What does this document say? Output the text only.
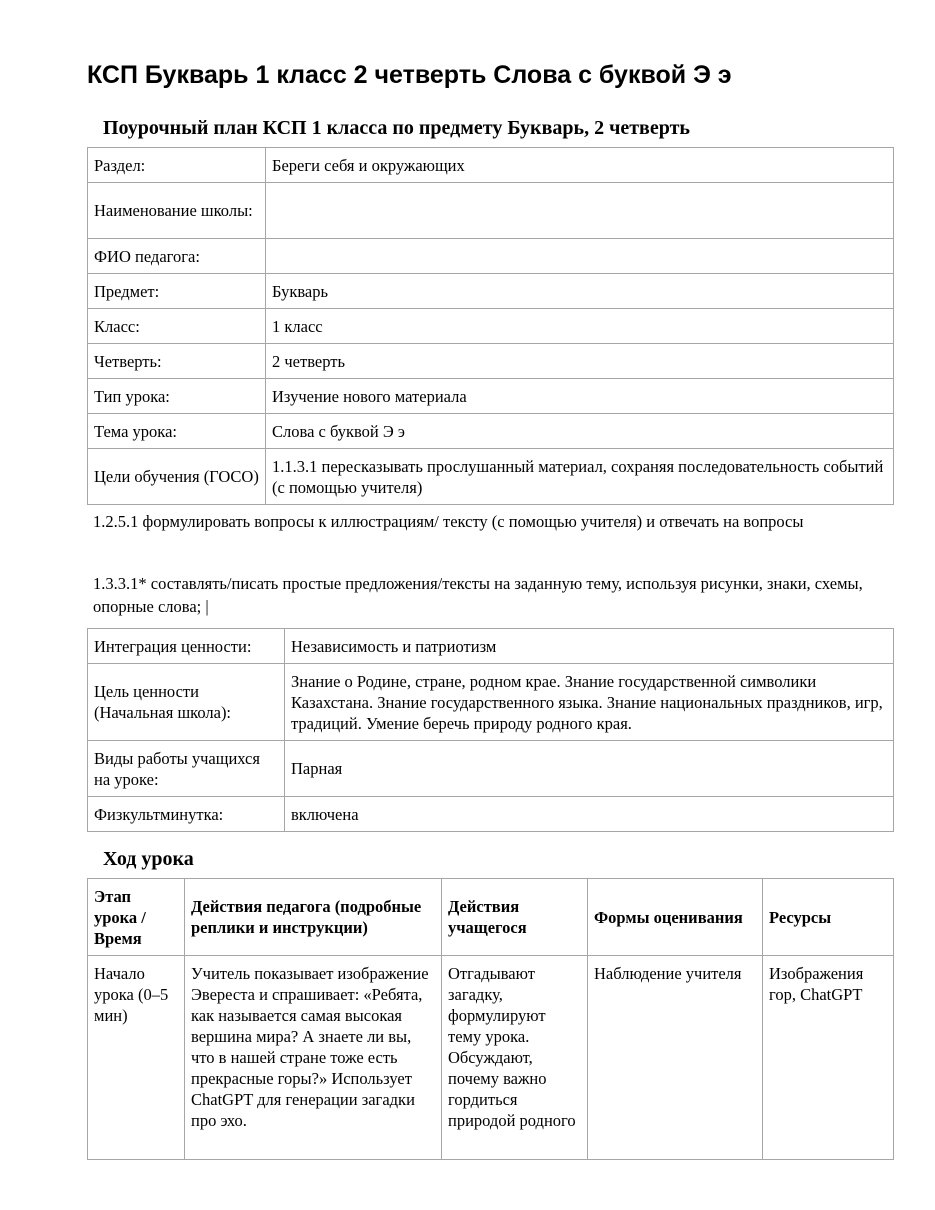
КСП Букварь 1 класс 2 четверть Слова с буквой Э э
Поурочный план КСП 1 класса по предмету Букварь, 2 четверть
Раздел:	Береги себя и окружающих
Наименование школы:	
ФИО педагога:	
Предмет:	Букварь
Класс:	1 класс
Четверть:	2 четверть
Тип урока:	Изучение нового материала
Тема урока:	Слова с буквой Э э
Цели обучения (ГОСО)	1.1.3.1 пересказывать прослушанный материал, сохраняя последовательность событий (с помощью учителя)

1.2.5.1 формулировать вопросы к иллюстрациям/ тексту (с помощью учителя) и отвечать на вопросы

1.3.3.1* составлять/писать простые предложения/тексты на заданную тему, используя рисунки, знаки, схемы, опорные слова; |

Интеграция ценности:	Независимость и патриотизм
Цель ценности (Начальная школа):	Знание о Родине, стране, родном крае. Знание государственной символики Казахстана. Знание государственного языка. Знание национальных праздников, игр, традиций. Умение беречь природу родного края.
Виды работы учащихся на уроке:	Парная
Физкультминутка:	включена
Ход урока
Этап урока / Время	Действия педагога (подробные реплики и инструкции)	Действия учащегося	Формы оценивания	Ресурсы
Начало урока (0–5 мин)	Учитель показывает изображение Эвереста и спрашивает: «Ребята, как называется самая высокая вершина мира? А знаете ли вы, что в нашей стране тоже есть прекрасные горы?» Использует ChatGPT для генерации загадки про эхо.	Отгадывают загадку, формулируют тему урока. Обсуждают, почему важно гордиться природой родного	Наблюдение учителя	Изображения гор, ChatGPT
